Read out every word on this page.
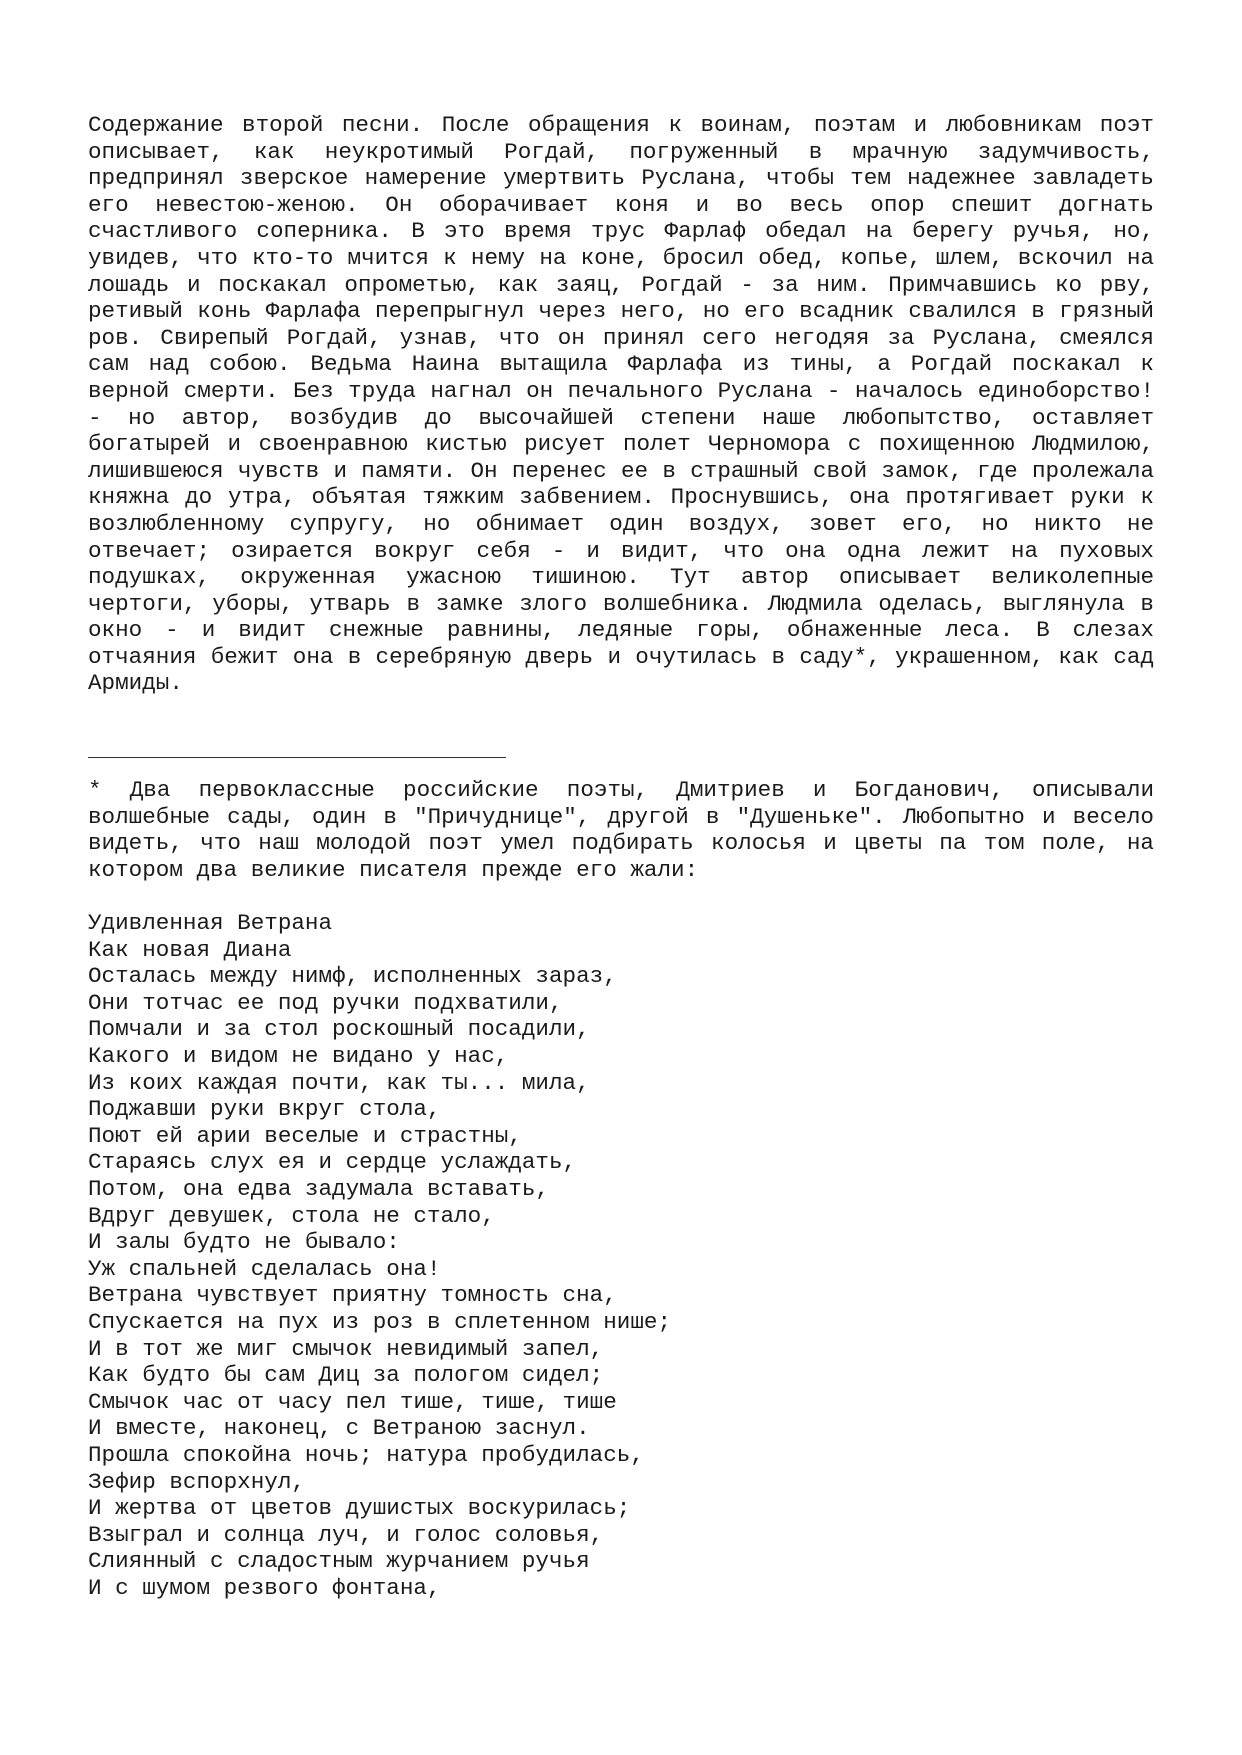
Содержание второй песни. После обращения к воинам, поэтам и любовникам поэт описывает, как неукротимый Рогдай, погруженный в мрачную задумчивость, предпринял зверское намерение умертвить Руслана, чтобы тем надежнее завладеть его невестою-женою. Он оборачивает коня и во весь опор спешит догнать счастливого соперника. В это время трус Фарлаф обедал на берегу ручья, но, увидев, что кто-то мчится к нему на коне, бросил обед, копье, шлем, вскочил на лошадь и поскакал опрометью, как заяц, Рогдай - за ним. Примчавшись ко рву, ретивый конь Фарлафа перепрыгнул через него, но его всадник свалился в грязный ров. Свирепый Рогдай, узнав, что он принял сего негодяя за Руслана, смеялся сам над собою. Ведьма Наина вытащила Фарлафа из тины, а Рогдай поскакал к верной смерти. Без труда нагнал он печального Руслана - началось единоборство! - но автор, возбудив до высочайшей степени наше любопытство, оставляет богатырей и своенравною кистью рисует полет Черномора с похищенною Людмилою, лишившеюся чувств и памяти. Он перенес ее в страшный свой замок, где пролежала княжна до утра, объятая тяжким забвением. Проснувшись, она протягивает руки к возлюбленному супругу, но обнимает один воздух, зовет его, но никто не отвечает; озирается вокруг себя - и видит, что она одна лежит на пуховых подушках, окруженная ужасною тишиною. Тут автор описывает великолепные чертоги, уборы, утварь в замке злого волшебника. Людмила оделась, выглянула в окно - и видит снежные равнины, ледяные горы, обнаженные леса. В слезах отчаяния бежит она в серебряную дверь и очутилась в саду*, украшенном, как сад Армиды.

* Два первоклассные российские поэты, Дмитриев и Богданович, описывали волшебные сады, один в "Причуднице", другой в "Душеньке". Любопытно и весело видеть, что наш молодой поэт умел подбирать колосья и цветы па том поле, на котором два великие писателя прежде его жали:

Удивленная Ветрана
Как новая Диана
Осталась между нимф, исполненных зараз,
Они тотчас ее под ручки подхватили,
Помчали и за стол роскошный посадили,
Какого и видом не видано у нас,
Из коих каждая почти, как ты... мила,
Поджавши руки вкруг стола,
Поют ей арии веселые и страстны,
Стараясь слух ея и сердце услаждать,
Потом, она едва задумала вставать,
Вдруг девушек, стола не стало,
И залы будто не бывало:
Уж спальней сделалась она!
Ветрана чувствует приятну томность сна,
Спускается на пух из роз в сплетенном нише;
И в тот же миг смычок невидимый запел,
Как будто бы сам Диц за пологом сидел;
Смычок час от часу пел тише, тише, тише
И вместе, наконец, с Ветраною заснул.
Прошла спокойна ночь; натура пробудилась,
Зефир вспорхнул,
И жертва от цветов душистых воскурилась;
Взыграл и солнца луч, и голос соловья,
Слиянный с сладостным журчанием ручья
И с шумом резвого фонтана,
